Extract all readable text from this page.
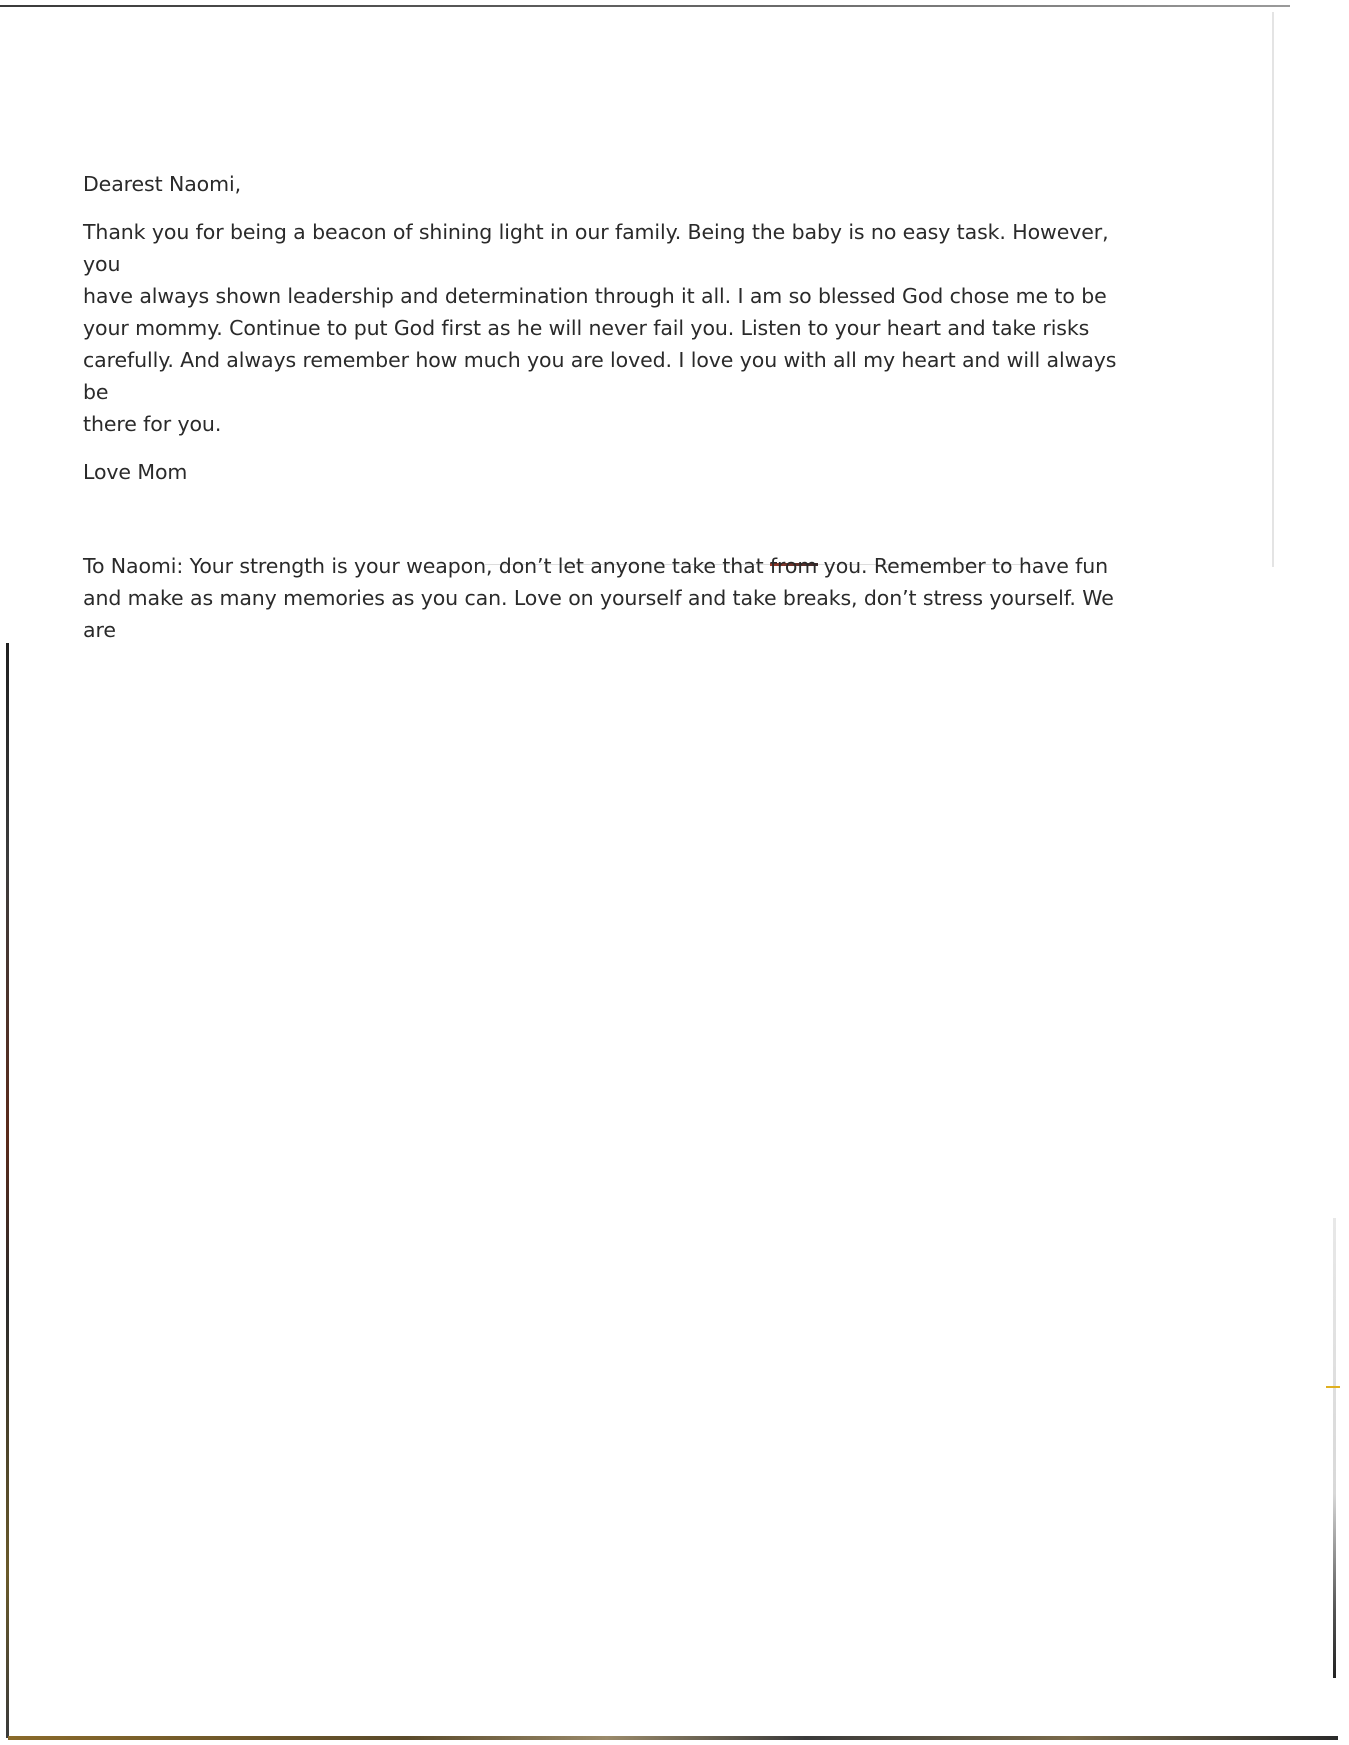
Dearest Naomi,

Thank you for being a beacon of shining light in our family. Being the baby is no easy task. However, you
have always shown leadership and determination through it all. I am so blessed God chose me to be
your mommy. Continue to put God first as he will never fail you. Listen to your heart and take risks
carefully. And always remember how much you are loved. I love you with all my heart and will always be
there for you.

Love Mom

To Naomi: Your strength is your weapon, don’t let anyone take that from you. Remember to have fun
and make as many memories as you can. Love on yourself and take breaks, don’t stress yourself. We are
